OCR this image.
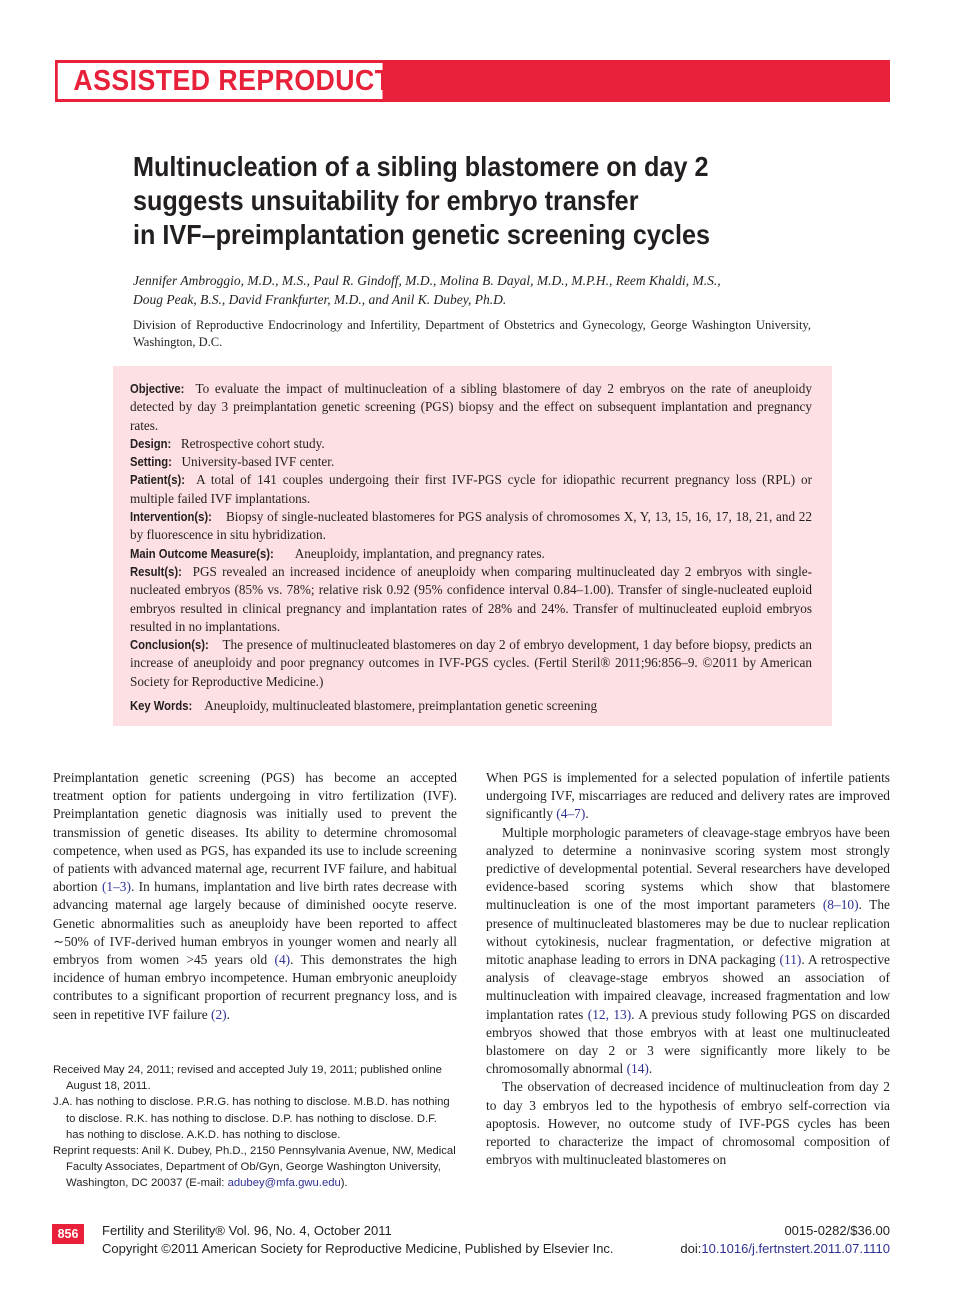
ASSISTED REPRODUCTION
Multinucleation of a sibling blastomere on day 2
suggests unsuitability for embryo transfer
in IVF–preimplantation genetic screening cycles
Jennifer Ambroggio, M.D., M.S., Paul R. Gindoff, M.D., Molina B. Dayal, M.D., M.P.H., Reem Khaldi, M.S.,
Doug Peak, B.S., David Frankfurter, M.D., and Anil K. Dubey, Ph.D.
Division of Reproductive Endocrinology and Infertility, Department of Obstetrics and Gynecology, George Washington University, Washington, D.C.

Objective: To evaluate the impact of multinucleation of a sibling blastomere of day 2 embryos on the rate of aneuploidy detected by day 3 preimplantation genetic screening (PGS) biopsy and the effect on subsequent implantation and pregnancy rates.

Design: Retrospective cohort study.

Setting: University-based IVF center.

Patient(s): A total of 141 couples undergoing their first IVF-PGS cycle for idiopathic recurrent pregnancy loss (RPL) or multiple failed IVF implantations.

Intervention(s): Biopsy of single-nucleated blastomeres for PGS analysis of chromosomes X, Y, 13, 15, 16, 17, 18, 21, and 22 by fluorescence in situ hybridization.

Main Outcome Measure(s): Aneuploidy, implantation, and pregnancy rates.

Result(s): PGS revealed an increased incidence of aneuploidy when comparing multinucleated day 2 embryos with single-nucleated embryos (85% vs. 78%; relative risk 0.92 (95% confidence interval 0.84–1.00). Transfer of single-nucleated euploid embryos resulted in clinical pregnancy and implantation rates of 28% and 24%. Transfer of multinucleated euploid embryos resulted in no implantations.

Conclusion(s): The presence of multinucleated blastomeres on day 2 of embryo development, 1 day before biopsy, predicts an increase of aneuploidy and poor pregnancy outcomes in IVF-PGS cycles. (Fertil Steril® 2011;96:856–9. ©2011 by American Society for Reproductive Medicine.)

Key Words: Aneuploidy, multinucleated blastomere, preimplantation genetic screening

Preimplantation genetic screening (PGS) has become an accepted treatment option for patients undergoing in vitro fertilization (IVF). Preimplantation genetic diagnosis was initially used to prevent the transmission of genetic diseases. Its ability to determine chromosomal competence, when used as PGS, has expanded its use to include screening of patients with advanced maternal age, recurrent IVF failure, and habitual abortion (1–3). In humans, implantation and live birth rates decrease with advancing maternal age largely because of diminished oocyte reserve. Genetic abnormalities such as aneuploidy have been reported to affect ∼50% of IVF-derived human embryos in younger women and nearly all embryos from women >45 years old (4). This demonstrates the high incidence of human embryo incompetence. Human embryonic aneuploidy contributes to a significant proportion of recurrent pregnancy loss, and is seen in repetitive IVF failure (2).

Received May 24, 2011; revised and accepted July 19, 2011; published online August 18, 2011.

J.A. has nothing to disclose. P.R.G. has nothing to disclose. M.B.D. has nothing to disclose. R.K. has nothing to disclose. D.P. has nothing to disclose. D.F. has nothing to disclose. A.K.D. has nothing to disclose.

Reprint requests: Anil K. Dubey, Ph.D., 2150 Pennsylvania Avenue, NW, Medical Faculty Associates, Department of Ob/Gyn, George Washington University, Washington, DC 20037 (E-mail: adubey@mfa.gwu.edu).

When PGS is implemented for a selected population of infertile patients undergoing IVF, miscarriages are reduced and delivery rates are improved significantly (4–7).

Multiple morphologic parameters of cleavage-stage embryos have been analyzed to determine a noninvasive scoring system most strongly predictive of developmental potential. Several researchers have developed evidence-based scoring systems which show that blastomere multinucleation is one of the most important parameters (8–10). The presence of multinucleated blastomeres may be due to nuclear replication without cytokinesis, nuclear fragmentation, or defective migration at mitotic anaphase leading to errors in DNA packaging (11). A retrospective analysis of cleavage-stage embryos showed an association of multinucleation with impaired cleavage, increased fragmentation and low implantation rates (12, 13). A previous study following PGS on discarded embryos showed that those embryos with at least one multinucleated blastomere on day 2 or 3 were significantly more likely to be chromosomally abnormal (14).

The observation of decreased incidence of multinucleation from day 2 to day 3 embryos led to the hypothesis of embryo self-correction via apoptosis. However, no outcome study of IVF-PGS cycles has been reported to characterize the impact of chromosomal composition of embryos with multinucleated blastomeres on

856	Fertility and Sterility® Vol. 96, No. 4, October 2011
Copyright ©2011 American Society for Reproductive Medicine, Published by Elsevier Inc.
0015-0282/$36.00
doi:10.1016/j.fertnstert.2011.07.1110
